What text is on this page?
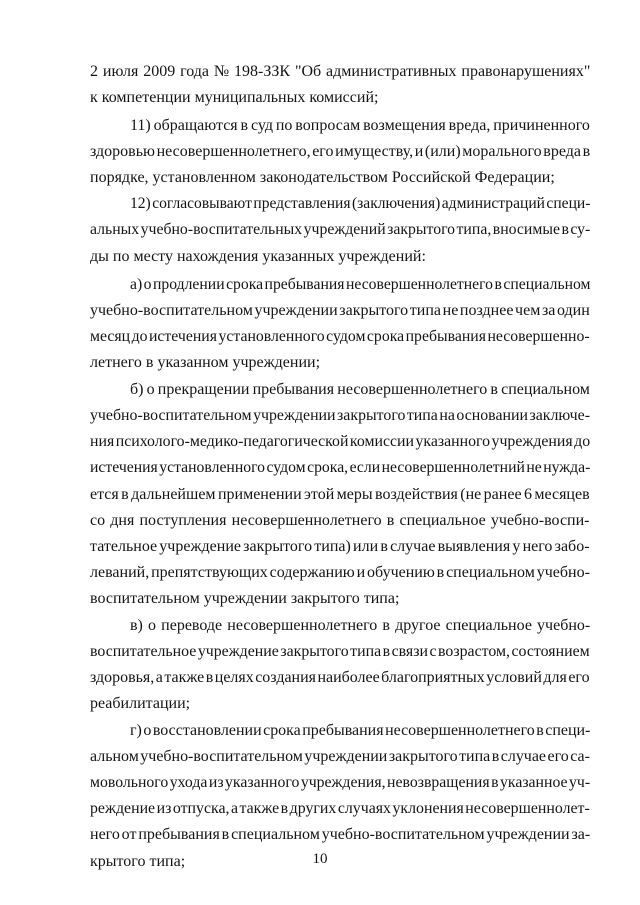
2 июля 2009 года № 198-ЗЗК "Об административных правонарушениях"
к компетенции муниципальных комиссий;
11) обращаются в суд по вопросам возмещения вреда, причиненного
здоровью несовершеннолетнего, его имуществу, и (или) морального вреда в
порядке, установленном законодательством Российской Федерации;
12) согласовывают представления (заключения) администраций специ-
альных учебно-воспитательных учреждений закрытого типа, вносимые в су-
ды по месту нахождения указанных учреждений:
а) о продлении срока пребывания несовершеннолетнего в специальном
учебно-воспитательном учреждении закрытого типа не позднее чем за один
месяц до истечения установленного судом срока пребывания несовершенно-
летнего в указанном учреждении;
б) о прекращении пребывания несовершеннолетнего в специальном
учебно-воспитательном учреждении закрытого типа на основании заключе-
ния психолого-медико-педагогической комиссии указанного учреждения до
истечения установленного судом срока, если несовершеннолетний не нужда-
ется в дальнейшем применении этой меры воздействия (не ранее 6 месяцев
со дня поступления несовершеннолетнего в специальное учебно-воспи-
тательное учреждение закрытого типа) или в случае выявления у него забо-
леваний, препятствующих содержанию и обучению в специальном учебно-
воспитательном учреждении закрытого типа;
в) о переводе несовершеннолетнего в другое специальное учебно-
воспитательное учреждение закрытого типа в связи с возрастом, состоянием
здоровья, а также в целях создания наиболее благоприятных условий для его
реабилитации;
г) о восстановлении срока пребывания несовершеннолетнего в специ-
альном учебно-воспитательном учреждении закрытого типа в случае его са-
мовольного ухода из указанного учреждения, невозвращения в указанное уч-
реждение из отпуска, а также в других случаях уклонения несовершеннолет-
него от пребывания в специальном учебно-воспитательном учреждении за-
крытого типа;	10
